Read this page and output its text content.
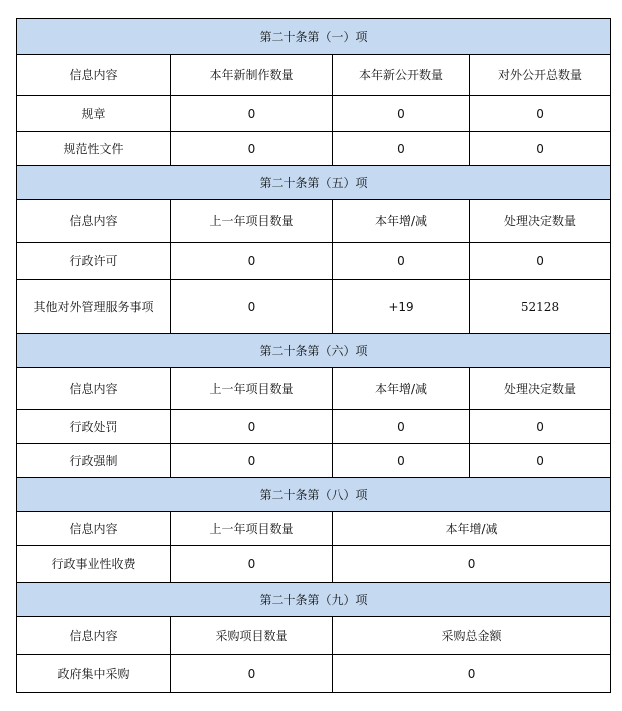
第二十条第（一）项			
信息内容	本年新制作数量	本年新公开数量	对外公开总数量
规章	0	0	0
规范性文件	0	0	0
第二十条第（五）项			
信息内容	上一年项目数量	本年增/减	处理决定数量
行政许可	0	0	0
其他对外管理服务事项	0	+19	52128
第二十条第（六）项			
信息内容	上一年项目数量	本年增/减	处理决定数量
行政处罚	0	0	0
行政强制	0	0	0
第二十条第（八）项			
信息内容	上一年项目数量	本年增/减	
行政事业性收费	0	0	
第二十条第（九）项			
信息内容	采购项目数量	采购总金额	
政府集中采购	0	0	
